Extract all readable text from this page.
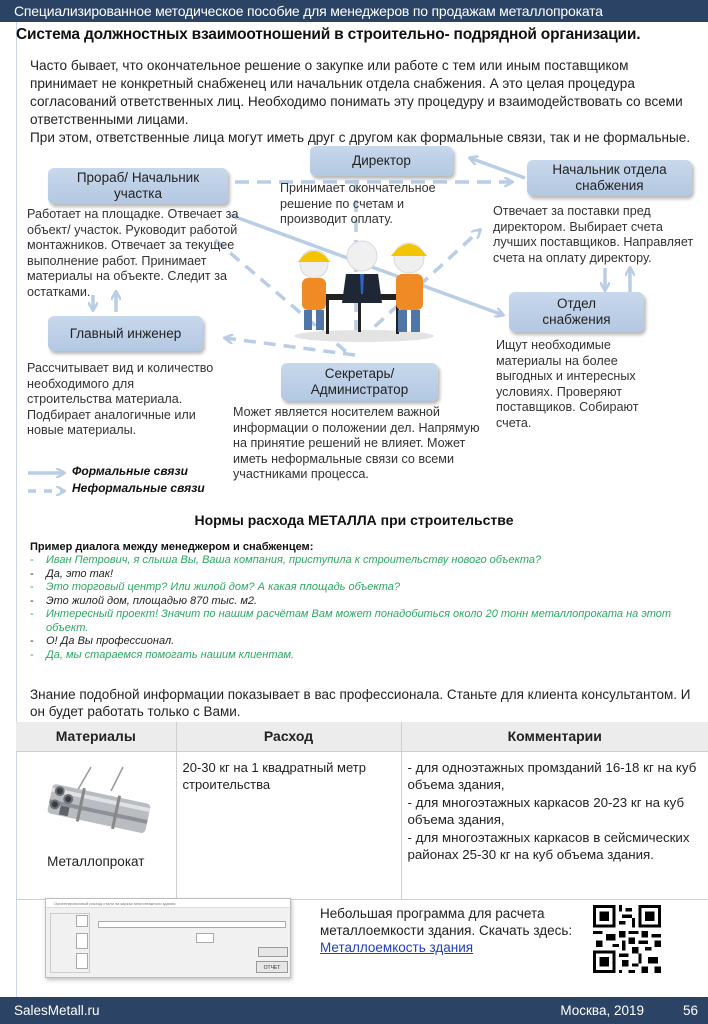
Специализированное методическое пособие для менеджеров по продажам металлопроката
Система должностных взаимоотношений в строительно- подрядной организации.

Часто бывает, что окончательное решение о закупке или работе с тем или иным поставщиком принимает не конкретный снабженец или начальник отдела снабжения. А это целая процедура согласований ответственных лиц. Необходимо понимать эту процедуру и взаимодействовать со всеми ответственными лицами.

При этом, ответственные лица могут иметь друг с другом как формальные связи, так и не формальные.

Директор
Принимает окончательное решение по счетам и производит оплату.
Прораб/ Начальник участка
Работает на площадке. Отвечает за объект/ участок. Руководит работой монтажников. Отвечает за текущее выполнение работ. Принимает материалы на объекте. Следит за остатками.
Начальник отдела снабжения
Отвечает за поставки пред директором. Выбирает счета лучших поставщиков. Направляет счета на оплату директору.
Главный инженер
Рассчитывает вид и количество необходимого для строительства материала. Подбирает аналогичные или новые материалы.
Отдел снабжения
Ищут необходимые материалы на более выгодных и интересных условиях. Проверяют поставщиков. Собирают счета.
Секретарь/ Администратор
Может является носителем важной информации о положении дел. Напрямую на принятие решений не влияет. Может иметь неформальные связи со всеми участниками процесса.
Формальные связи
Неформальные связи
Нормы расхода МЕТАЛЛА при строительстве
Пример диалога между менеджером и снабженцем:
-	Иван Петрович, я слыша Вы, Ваша компания, приступила к строительству нового объекта?
-	Да, это так!
-	Это торговый центр? Или жилой дом? А какая площадь объекта?
-	Это жилой дом, площадью 870 тыс. м2.
-	Интересный проект! Значит по нашим расчётам Вам может понадобиться около 20 тонн металлопроката на этот объект.
-	О! Да Вы профессионал.
-	Да, мы стараемся помогать нашим клиентам.
Знание подобной информации показывает в вас профессионала. Станьте для клиента консультантом. И он будет работать только с Вами.
Материалы	Расход	Комментарии

Металлопрокат	20-30 кг на 1 квадратный метр строительства	- для одноэтажных промзданий 16-18 кг на куб объема здания,
- для многоэтажных каркасов 20-23 кг на куб объема здания,
- для многоэтажных каркасов в сейсмических районах 25-30 кг на куб объема здания.
Ориентировочный расход стали на каркас многоэтажного здания
ОТЧЕТ
Небольшая программа для расчета металлоемкости здания. Скачать здесь: Металлоемкость здания
SalesMetall.ru	Москва, 2019	56
